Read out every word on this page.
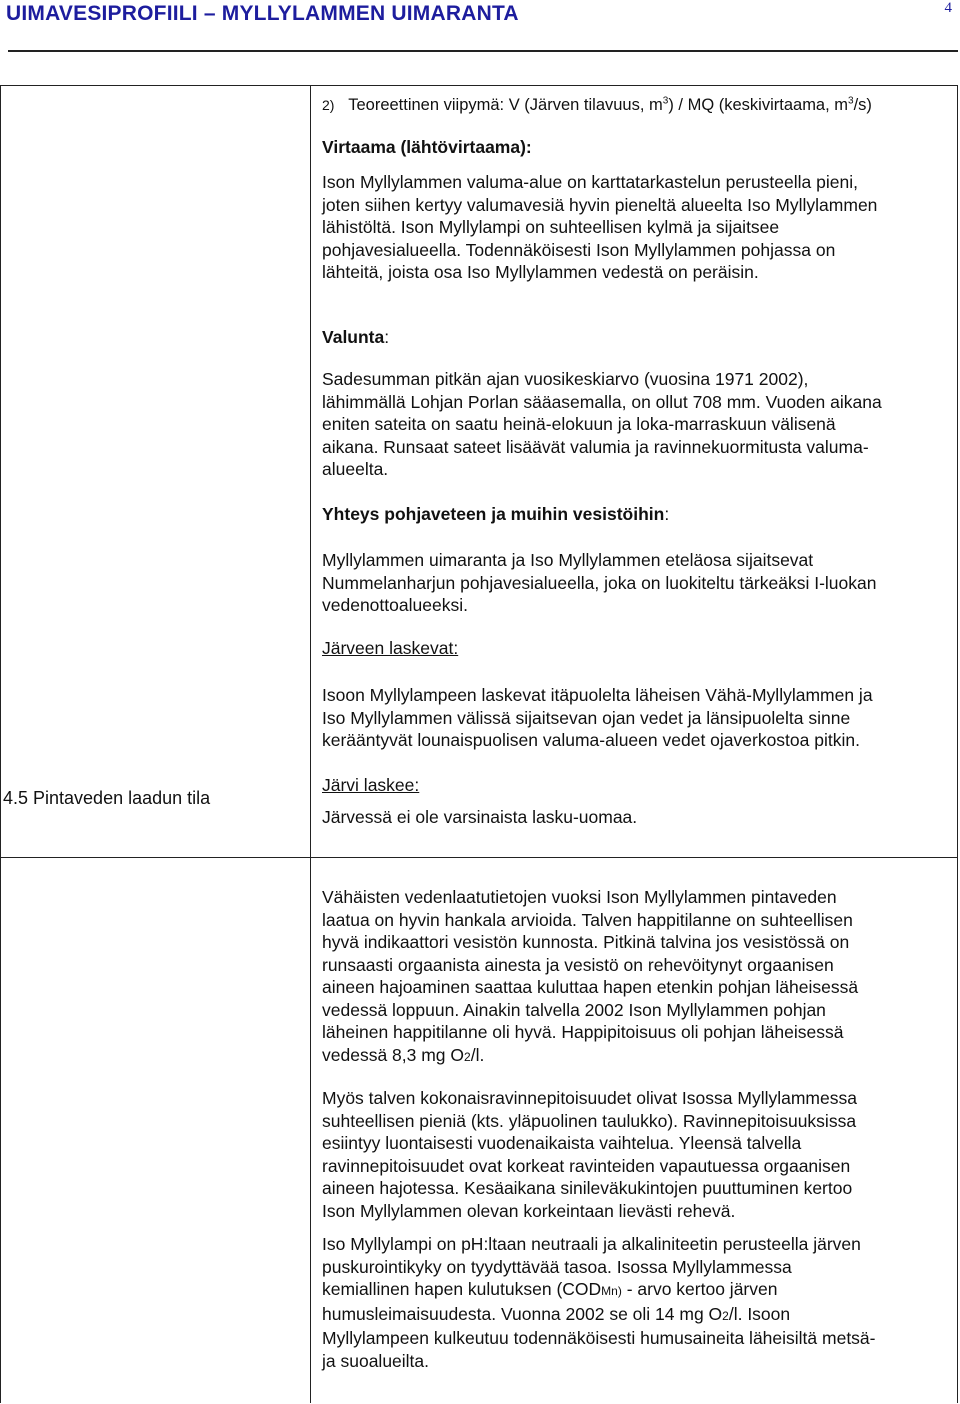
UIMAVESIPROFIILI – MYLLYLAMMEN UIMARANTA	4
2) Teoreettinen viipymä: V (Järven tilavuus, $m^3$) / MQ (keskivirtaama, $m^3/s$)
Virtaama (lähtövirtaama):
Ison Myllylammen valuma-alue on karttatarkastelun perusteella pieni,
joten siihen kertyy valumavesiä hyvin pieneltä alueelta Iso Myllylammen
lähistöltä. Ison Myllylampi on suhteellisen kylmä ja sijaitsee
pohjavesialueella. Todennäköisesti Ison Myllylammen pohjassa on
lähteitä, joista osa Iso Myllylammen vedestä on peräisin.
Valunta:
Sadesumman pitkän ajan vuosikeskiarvo (vuosina 1971 2002),
lähimmällä Lohjan Porlan sääasemalla, on ollut 708 mm. Vuoden aikana
eniten sateita on saatu heinä-elokuun ja loka-marraskuun välisenä
aikana. Runsaat sateet lisäävät valumia ja ravinnekuormitusta valuma-
alueelta.
Yhteys pohjaveteen ja muihin vesistöihin:
Myllylammen uimaranta ja Iso Myllylammen eteläosa sijaitsevat
Nummelanharjun pohjavesialueella, joka on luokiteltu tärkeäksi I-luokan
vedenottoalueeksi.
Järveen laskevat:
Isoon Myllylampeen laskevat itäpuolelta läheisen Vähä-Myllylammen ja
Iso Myllylammen välissä sijaitsevan ojan vedet ja länsipuolelta sinne
kerääntyvät lounaispuolisen valuma-alueen vedet ojaverkostoa pitkin.
Järvi laskee:
Järvessä ei ole varsinaista lasku-uomaa.
4.5 Pintaveden laadun tila
Vähäisten vedenlaatutietojen vuoksi Ison Myllylammen pintaveden
laatua on hyvin hankala arvioida. Talven happitilanne on suhteellisen
hyvä indikaattori vesistön kunnosta. Pitkinä talvina jos vesistössä on
runsaasti orgaanista ainesta ja vesistö on rehevöitynyt orgaanisen
aineen hajoaminen saattaa kuluttaa hapen etenkin pohjan läheisessä
vedessä loppuun. Ainakin talvella 2002 Ison Myllylammen pohjan
läheinen happitilanne oli hyvä. Happipitoisuus oli pohjan läheisessä
vedessä 8,3 mg O2/l.
Myös talven kokonaisravinnepitoisuudet olivat Isossa Myllylammessa
suhteellisen pieniä (kts. yläpuolinen taulukko). Ravinnepitoisuuksissa
esiintyy luontaisesti vuodenaikaista vaihtelua. Yleensä talvella
ravinnepitoisuudet ovat korkeat ravinteiden vapautuessa orgaanisen
aineen hajotessa. Kesäaikana sinileväkukintojen puuttuminen kertoo
Ison Myllylammen olevan korkeintaan lievästi rehevä.
Iso Myllylampi on pH:ltaan neutraali ja alkaliniteetin perusteella järven
puskurointikyky on tyydyttävää tasoa. Isossa Myllylammessa
kemiallinen hapen kulutuksen (CODMn) - arvo kertoo järven
humusleimaisuudesta. Vuonna 2002 se oli 14 mg O2/l. Isoon
Myllylampeen kulkeutuu todennäköisesti humusaineita läheisiltä metsä-
ja suoalueilta.
